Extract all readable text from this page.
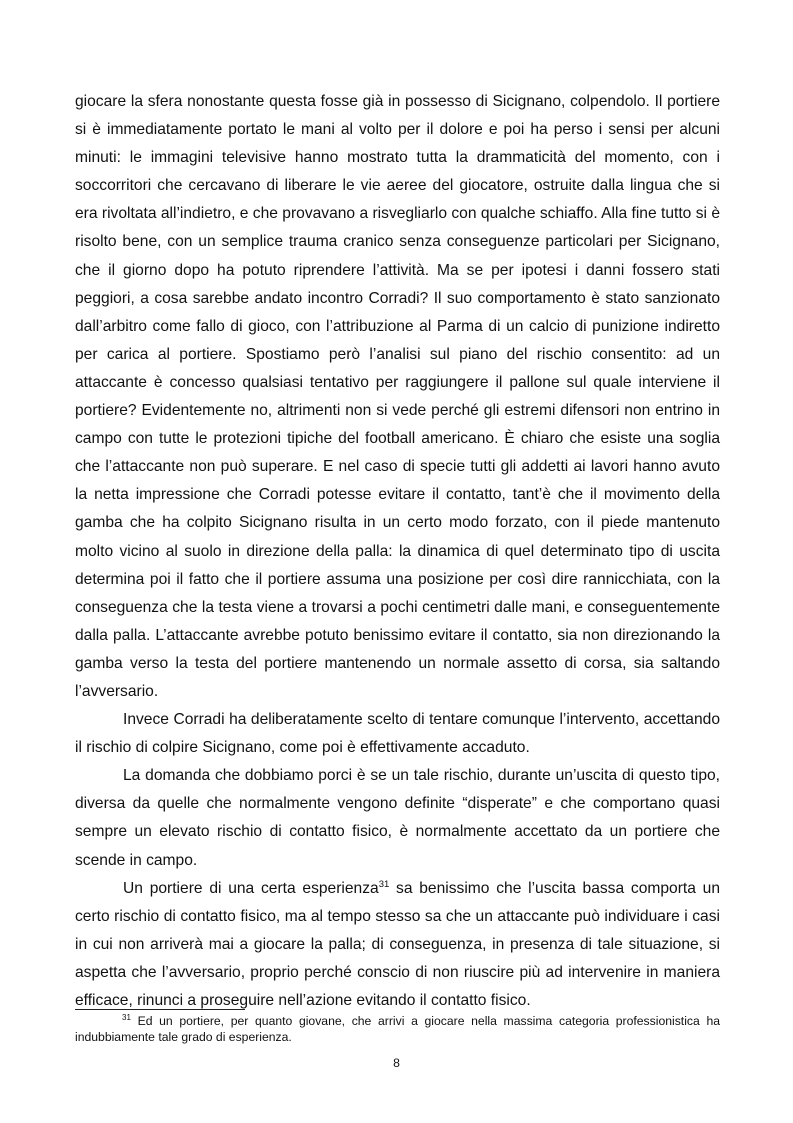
giocare la sfera nonostante questa fosse già in possesso di Sicignano, colpendolo. Il portiere si è immediatamente portato le mani al volto per il dolore e poi ha perso i sensi per alcuni minuti: le immagini televisive hanno mostrato tutta la drammaticità del momento, con i soccorritori che cercavano di liberare le vie aeree del giocatore, ostruite dalla lingua che si era rivoltata all’indietro, e che provavano a risvegliarlo con qualche schiaffo. Alla fine tutto si è risolto bene, con un semplice trauma cranico senza conseguenze particolari per Sicignano, che il giorno dopo ha potuto riprendere l’attività. Ma se per ipotesi i danni fossero stati peggiori, a cosa sarebbe andato incontro Corradi? Il suo comportamento è stato sanzionato dall’arbitro come fallo di gioco, con l’attribuzione al Parma di un calcio di punizione indiretto per carica al portiere. Spostiamo però l’analisi sul piano del rischio consentito: ad un attaccante è concesso qualsiasi tentativo per raggiungere il pallone sul quale interviene il portiere? Evidentemente no, altrimenti non si vede perché gli estremi difensori non entrino in campo con tutte le protezioni tipiche del football americano. È chiaro che esiste una soglia che l’attaccante non può superare. E nel caso di specie tutti gli addetti ai lavori hanno avuto la netta impressione che Corradi potesse evitare il contatto, tant’è che il movimento della gamba che ha colpito Sicignano risulta in un certo modo forzato, con il piede mantenuto molto vicino al suolo in direzione della palla: la dinamica di quel determinato tipo di uscita determina poi il fatto che il portiere assuma una posizione per così dire rannicchiata, con la conseguenza che la testa viene a trovarsi a pochi centimetri dalle mani, e conseguentemente dalla palla. L’attaccante avrebbe potuto benissimo evitare il contatto, sia non direzionando la gamba verso la testa del portiere mantenendo un normale assetto di corsa, sia saltando l’avversario.

Invece Corradi ha deliberatamente scelto di tentare comunque l’intervento, accettando il rischio di colpire Sicignano, come poi è effettivamente accaduto.

La domanda che dobbiamo porci è se un tale rischio, durante un’uscita di questo tipo, diversa da quelle che normalmente vengono definite “disperate” e che comportano quasi sempre un elevato rischio di contatto fisico, è normalmente accettato da un portiere che scende in campo.

Un portiere di una certa esperienza$^{31}$ sa benissimo che l’uscita bassa comporta un certo rischio di contatto fisico, ma al tempo stesso sa che un attaccante può individuare i casi in cui non arriverà mai a giocare la palla; di conseguenza, in presenza di tale situazione, si aspetta che l’avversario, proprio perché conscio di non riuscire più ad intervenire in maniera efficace, rinunci a proseguire nell’azione evitando il contatto fisico.

$^{31}$ Ed un portiere, per quanto giovane, che arrivi a giocare nella massima categoria professionistica ha indubbiamente tale grado di esperienza.

8
